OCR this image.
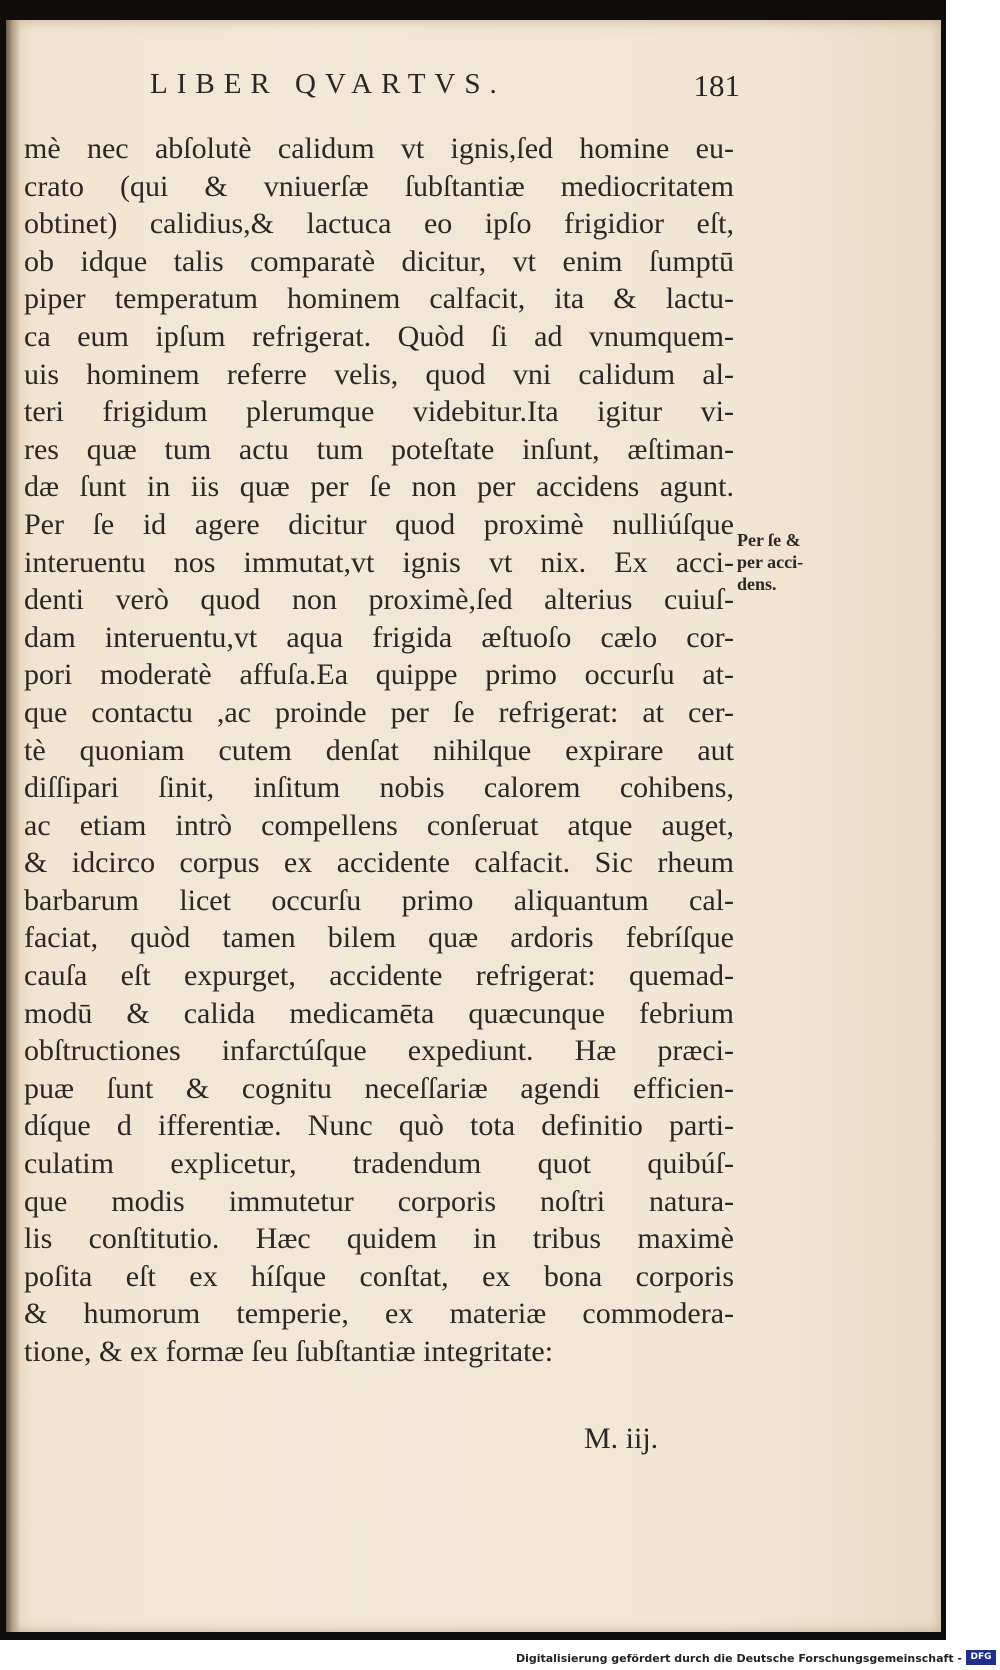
LIBER QVARTVS.	181
mè nec abſolutè calidum vt ignis,ſed homine eu-
crato (qui & vniuerſæ ſubſtantiæ mediocritatem
obtinet) calidius,& lactuca eo ipſo frigidior eſt,
ob idque talis comparatè dicitur, vt enim ſumptū
piper temperatum hominem calfacit, ita & lactu-
ca eum ipſum refrigerat. Quòd ſi ad vnumquem-
uis hominem referre velis, quod vni calidum al-
teri frigidum plerumque videbitur.Ita igitur vi-
res quæ tum actu tum poteſtate inſunt, æſtiman-
dæ ſunt in iis quæ per ſe non per accidens agunt.
Per ſe id agere dicitur quod proximè nulliúſque
interuentu nos immutat,vt ignis vt nix. Ex acci-
denti verò quod non proximè,ſed alterius cuiuſ-
dam interuentu,vt aqua frigida æſtuoſo cælo cor-
pori moderatè affuſa.Ea quippe primo occurſu at-
que contactu ,ac proinde per ſe refrigerat: at cer-
tè quoniam cutem denſat nihilque expirare aut
diſſipari ſinit, inſitum nobis calorem cohibens,
ac etiam intrò compellens conſeruat atque auget,
& idcirco corpus ex accidente calfacit. Sic rheum
barbarum licet occurſu primo aliquantum cal-
faciat, quòd tamen bilem quæ ardoris febríſque
cauſa eſt expurget, accidente refrigerat: quemad-
modū & calida medicamēta quæcunque febrium
obſtructiones infarctúſque expediunt. Hæ præci-
puæ ſunt & cognitu neceſſariæ agendi efficien-
díque d ifferentiæ. Nunc quò tota definitio parti-
culatim explicetur, tradendum quot quibúſ-
que modis immutetur corporis noſtri natura-
lis conſtitutio. Hæc quidem in tribus maximè
poſita eſt ex híſque conſtat, ex bona corporis
& humorum temperie, ex materiæ commodera-
tione, & ex formæ ſeu ſubſtantiæ integritate:
Per ſe &
per acci-
dens.
M. iij.
Digitalisierung gefördert durch die Deutsche Forschungsgemeinschaft - DFG
